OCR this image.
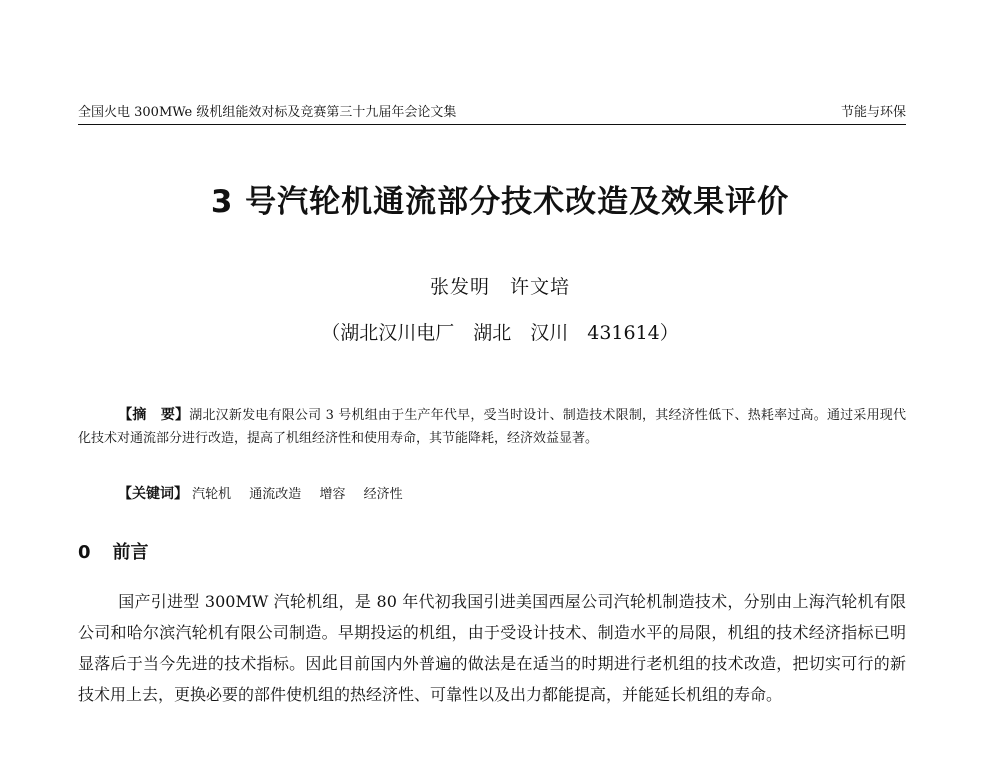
全国火电 300MWe 级机组能效对标及竞赛第三十九届年会论文集	节能与环保
3 号汽轮机通流部分技术改造及效果评价
张发明　许文培
（湖北汉川电厂　湖北　汉川　431614）
【摘　要】湖北汉新发电有限公司 3 号机组由于生产年代早，受当时设计、制造技术限制，其经济性低下、热耗率过高。通过采用现代化技术对通流部分进行改造，提高了机组经济性和使用寿命，其节能降耗，经济效益显著。
【关键词】 汽轮机 通流改造 增容 经济性
0 前言
国产引进型 300MW 汽轮机组，是 80 年代初我国引进美国西屋公司汽轮机制造技术，分别由上海汽轮机有限公司和哈尔滨汽轮机有限公司制造。早期投运的机组，由于受设计技术、制造水平的局限，机组的技术经济指标已明显落后于当今先进的技术指标。因此目前国内外普遍的做法是在适当的时期进行老机组的技术改造，把切实可行的新技术用上去，更换必要的部件使机组的热经济性、可靠性以及出力都能提高，并能延长机组的寿命。
